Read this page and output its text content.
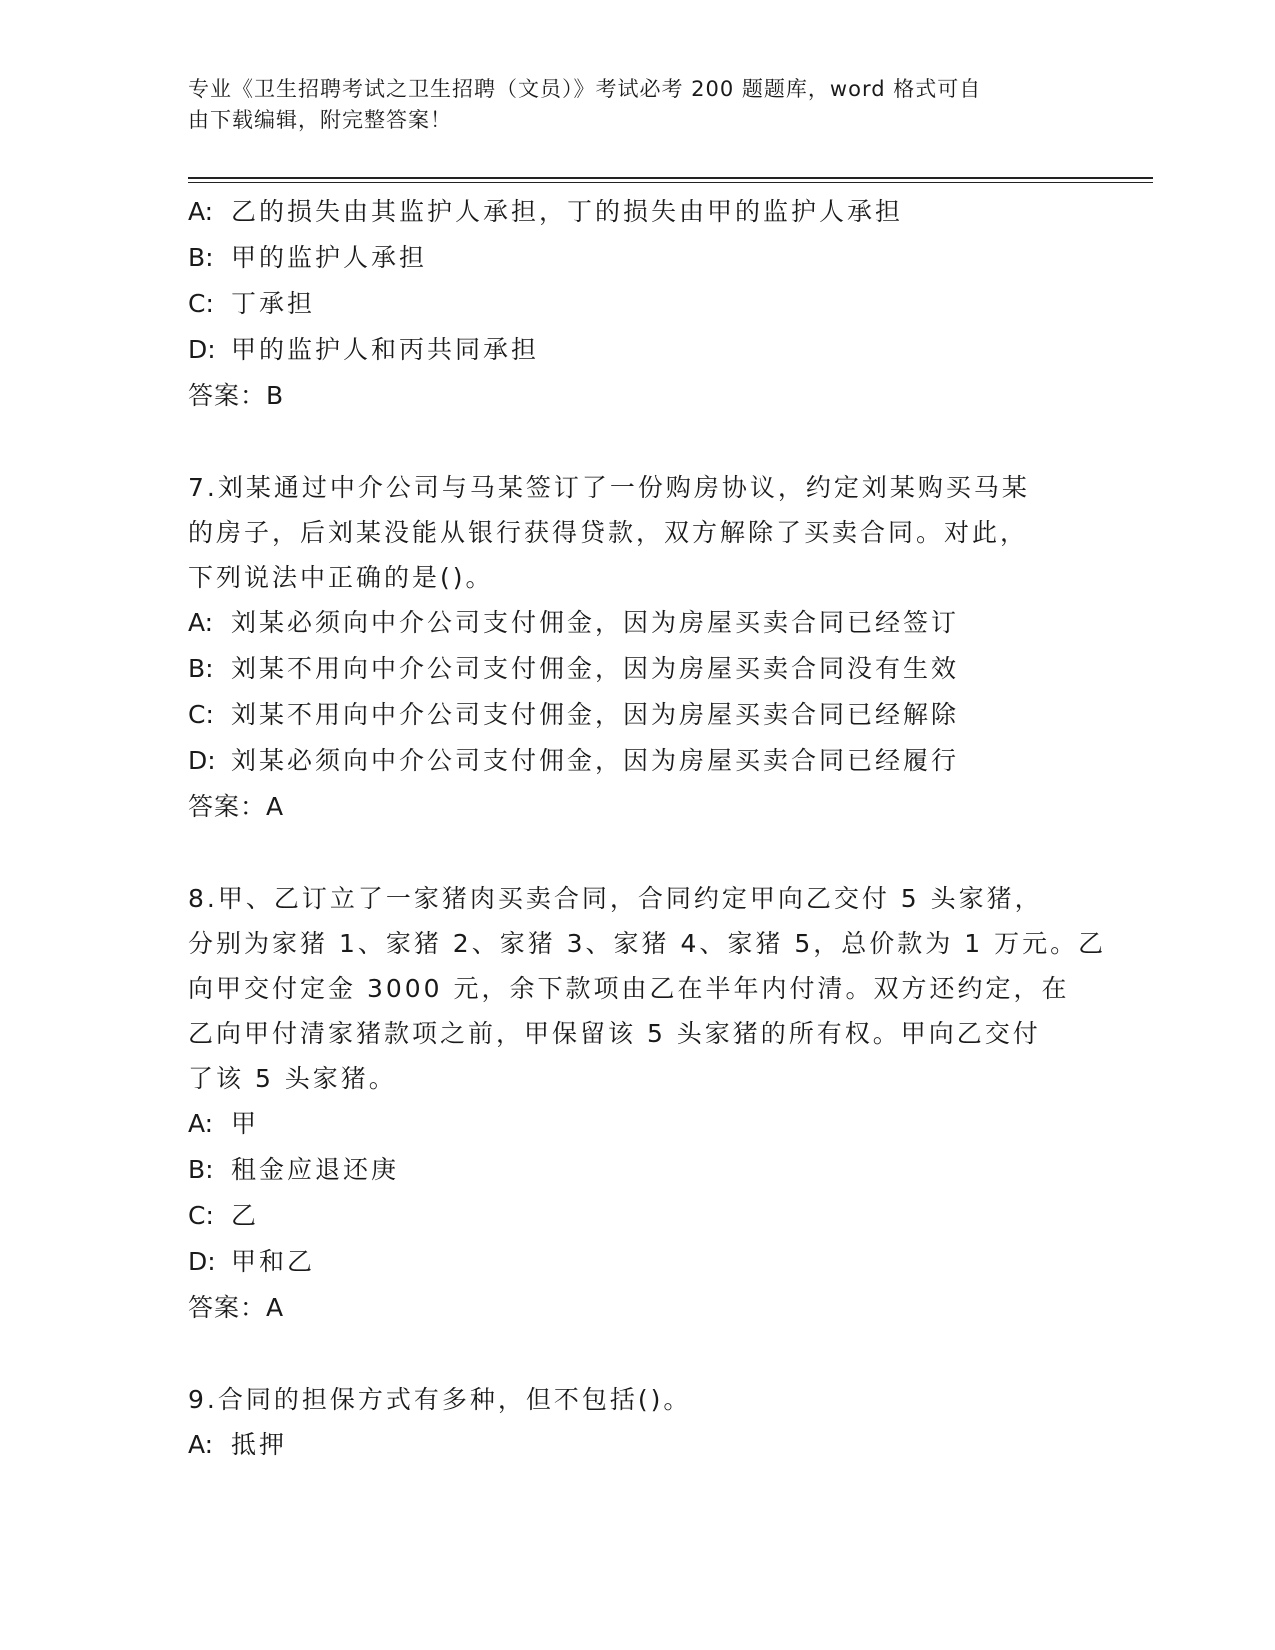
专业《卫生招聘考试之卫生招聘（文员）》考试必考 200 题题库，word 格式可自
由下载编辑，附完整答案！
A: 乙的损失由其监护人承担，丁的损失由甲的监护人承担
B: 甲的监护人承担
C: 丁承担
D: 甲的监护人和丙共同承担
答案：B
7.刘某通过中介公司与马某签订了一份购房协议，约定刘某购买马某
的房子，后刘某没能从银行获得贷款，双方解除了买卖合同。对此，
下列说法中正确的是()。
A: 刘某必须向中介公司支付佣金，因为房屋买卖合同已经签订
B: 刘某不用向中介公司支付佣金，因为房屋买卖合同没有生效
C: 刘某不用向中介公司支付佣金，因为房屋买卖合同已经解除
D: 刘某必须向中介公司支付佣金，因为房屋买卖合同已经履行
答案：A
8.甲、乙订立了一家猪肉买卖合同，合同约定甲向乙交付 5 头家猪，
分别为家猪 1、家猪 2、家猪 3、家猪 4、家猪 5，总价款为 1 万元。乙
向甲交付定金 3000 元，余下款项由乙在半年内付清。双方还约定，在
乙向甲付清家猪款项之前，甲保留该 5 头家猪的所有权。甲向乙交付
了该 5 头家猪。
A: 甲
B: 租金应退还庚
C: 乙
D: 甲和乙
答案：A
9.合同的担保方式有多种，但不包括()。
A: 抵押
